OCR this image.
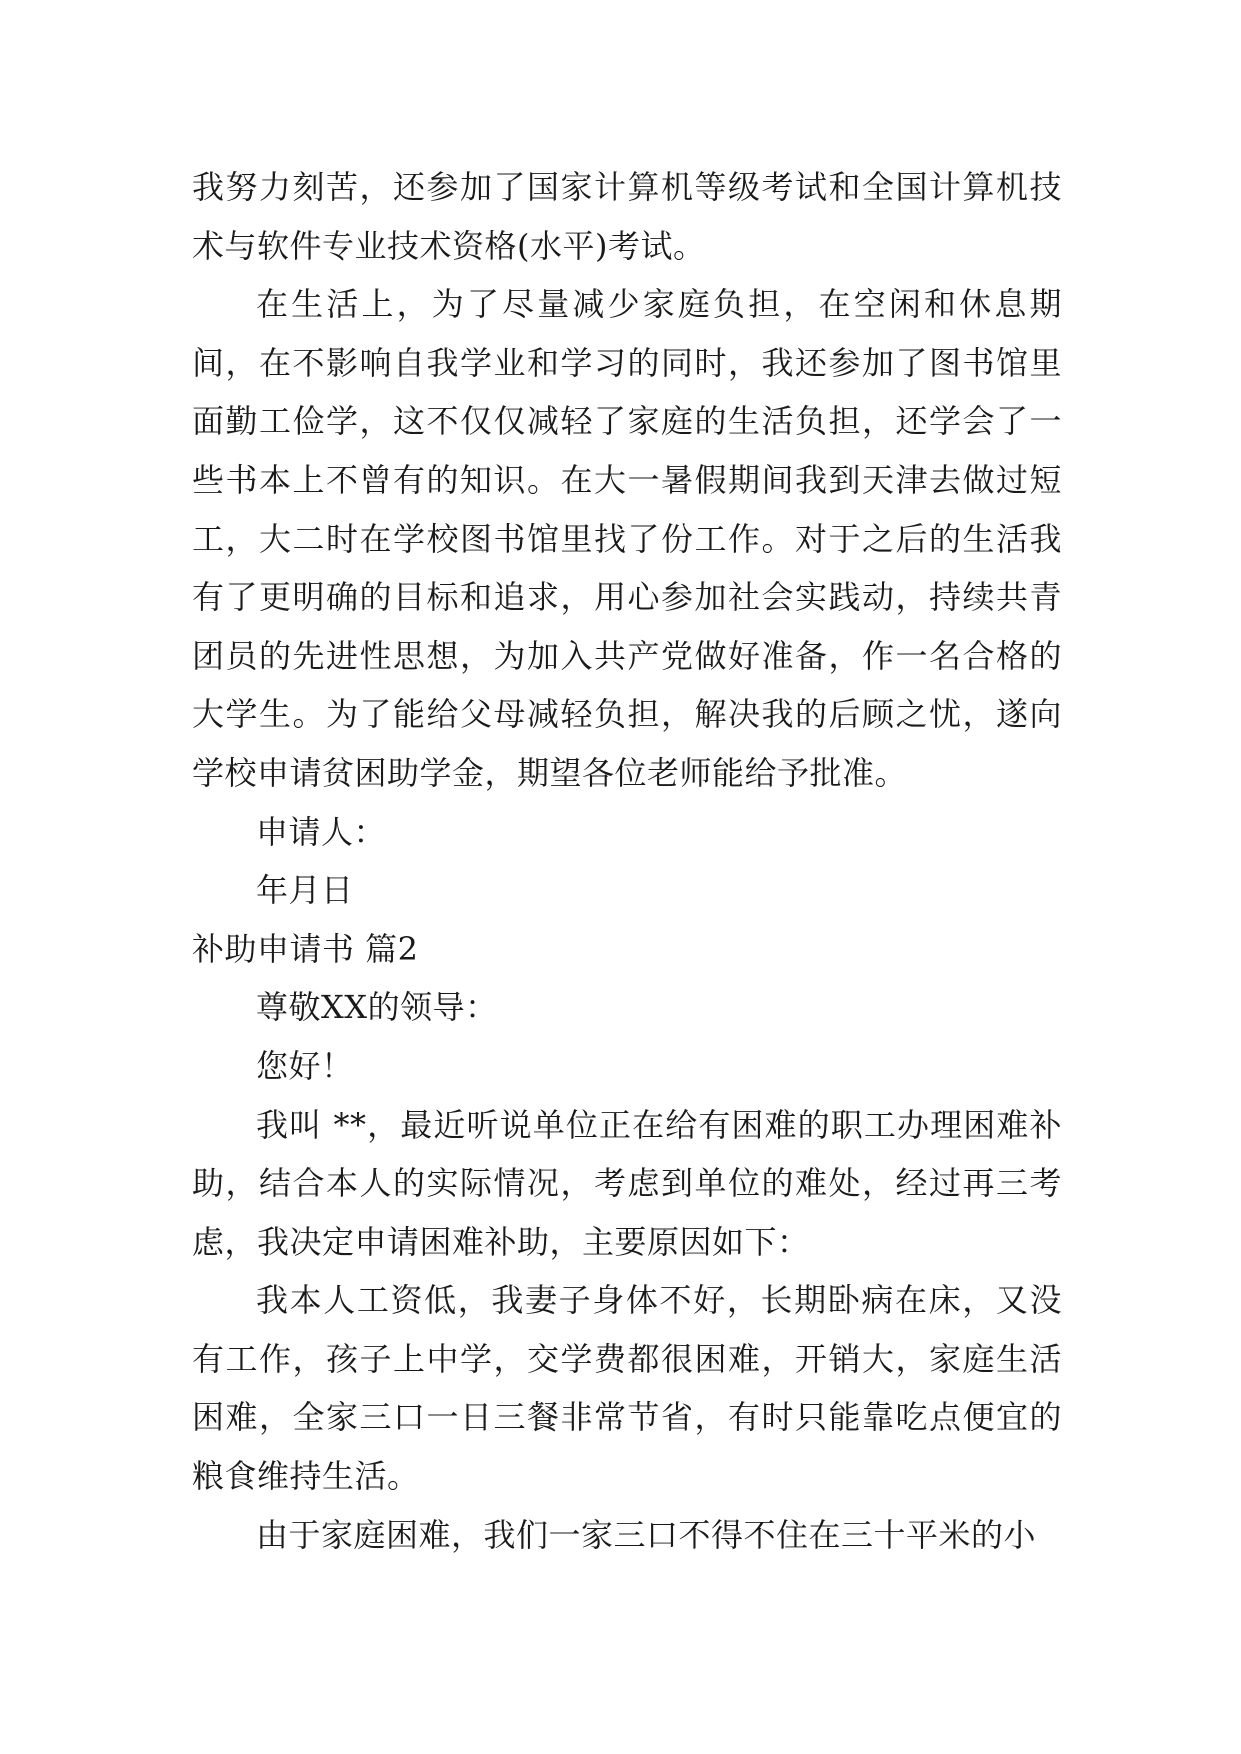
我努力刻苦，还参加了国家计算机等级考试和全国计算机技术与软件专业技术资格(水平)考试。

在生活上，为了尽量减少家庭负担，在空闲和休息期间，在不影响自我学业和学习的同时，我还参加了图书馆里面勤工俭学，这不仅仅减轻了家庭的生活负担，还学会了一些书本上不曾有的知识。在大一暑假期间我到天津去做过短工，大二时在学校图书馆里找了份工作。对于之后的生活我有了更明确的目标和追求，用心参加社会实践动，持续共青团员的先进性思想，为加入共产党做好准备，作一名合格的大学生。为了能给父母减轻负担，解决我的后顾之忧，遂向学校申请贫困助学金，期望各位老师能给予批准。

申请人：

年月日

补助申请书 篇2

尊敬XX的领导：

您好！

我叫 **，最近听说单位正在给有困难的职工办理困难补助，结合本人的实际情况，考虑到单位的难处，经过再三考虑，我决定申请困难补助，主要原因如下：

我本人工资低，我妻子身体不好，长期卧病在床，又没有工作，孩子上中学，交学费都很困难，开销大，家庭生活困难，全家三口一日三餐非常节省，有时只能靠吃点便宜的粮食维持生活。

由于家庭困难，我们一家三口不得不住在三十平米的小
